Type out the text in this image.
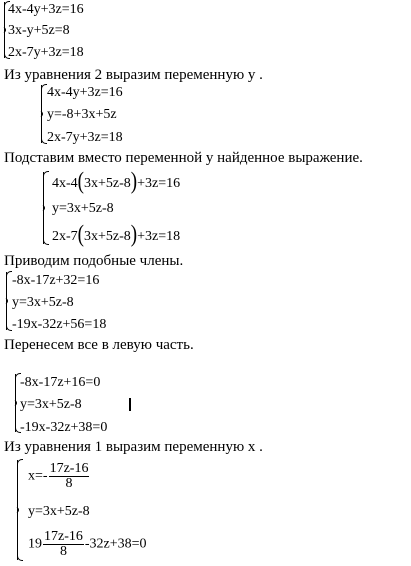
4x-4y+3z=16
3x-y+5z=8
2x-7y+3z=18
Из уравнения 2 выразим переменную y .
4x-4y+3z=16
y=-8+3x+5z
2x-7y+3z=18
Подставим вместо переменной y найденное выражение.
4x-4(3x+5z-8)+3z=16
y=3x+5z-8
2x-7(3x+5z-8)+3z=18
Приводим подобные члены.
-8x-17z+32=16
y=3x+5z-8
-19x-32z+56=18
Перенесем все в левую часть.
-8x-17z+16=0
y=3x+5z-8
-19x-32z+38=0
Из уравнения 1 выразим переменную x .
$x=- \frac{17z-16}{8}$
y=3x+5z-8
$19 \frac{17z-16}{8} -32z+38=0$
